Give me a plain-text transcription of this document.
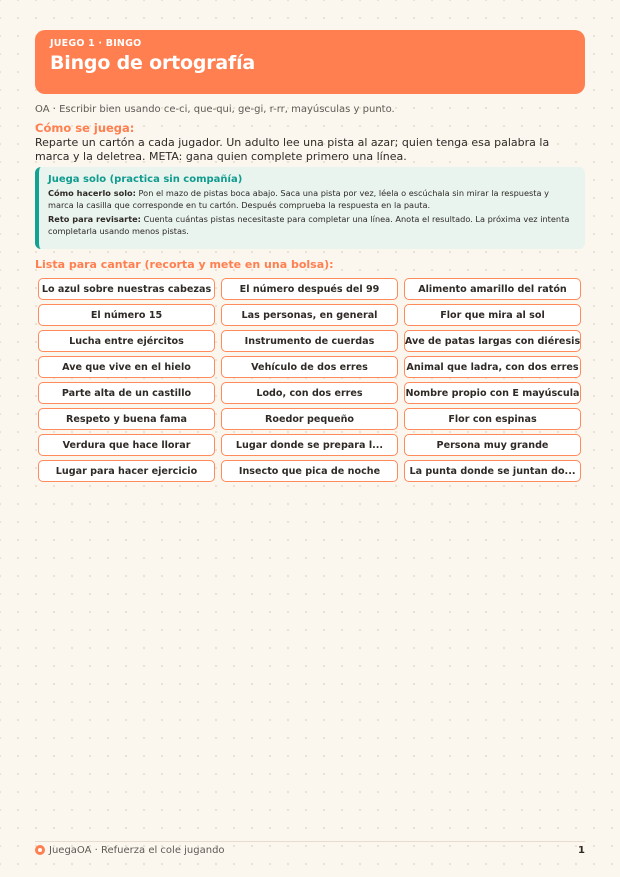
JUEGO 1 · BINGO
Bingo de ortografía
OA · Escribir bien usando ce-ci, que-qui, ge-gi, r-rr, mayúsculas y punto.
Cómo se juega:
Reparte un cartón a cada jugador. Un adulto lee una pista al azar; quien tenga esa palabra la marca y la deletrea. META: gana quien complete primero una línea.
Juega solo (practica sin compañía)

Cómo hacerlo solo: Pon el mazo de pistas boca abajo. Saca una pista por vez, léela o escúchala sin mirar la respuesta y marca la casilla que corresponde en tu cartón. Después comprueba la respuesta en la pauta.

Reto para revisarte: Cuenta cuántas pistas necesitaste para completar una línea. Anota el resultado. La próxima vez intenta completarla usando menos pistas.

Lista para cantar (recorta y mete en una bolsa):
Lo azul sobre nuestras cabezas	El número después del 99	Alimento amarillo del ratón
El número 15	Las personas, en general	Flor que mira al sol
Lucha entre ejércitos	Instrumento de cuerdas	Ave de patas largas con diéresis
Ave que vive en el hielo	Vehículo de dos erres	Animal que ladra, con dos erres
Parte alta de un castillo	Lodo, con dos erres	Nombre propio con E mayúscula
Respeto y buena fama	Roedor pequeño	Flor con espinas
Verdura que hace llorar	Lugar donde se prepara l...	Persona muy grande
Lugar para hacer ejercicio	Insecto que pica de noche	La punta donde se juntan do...
JuegaOA · Refuerza el cole jugando	1
